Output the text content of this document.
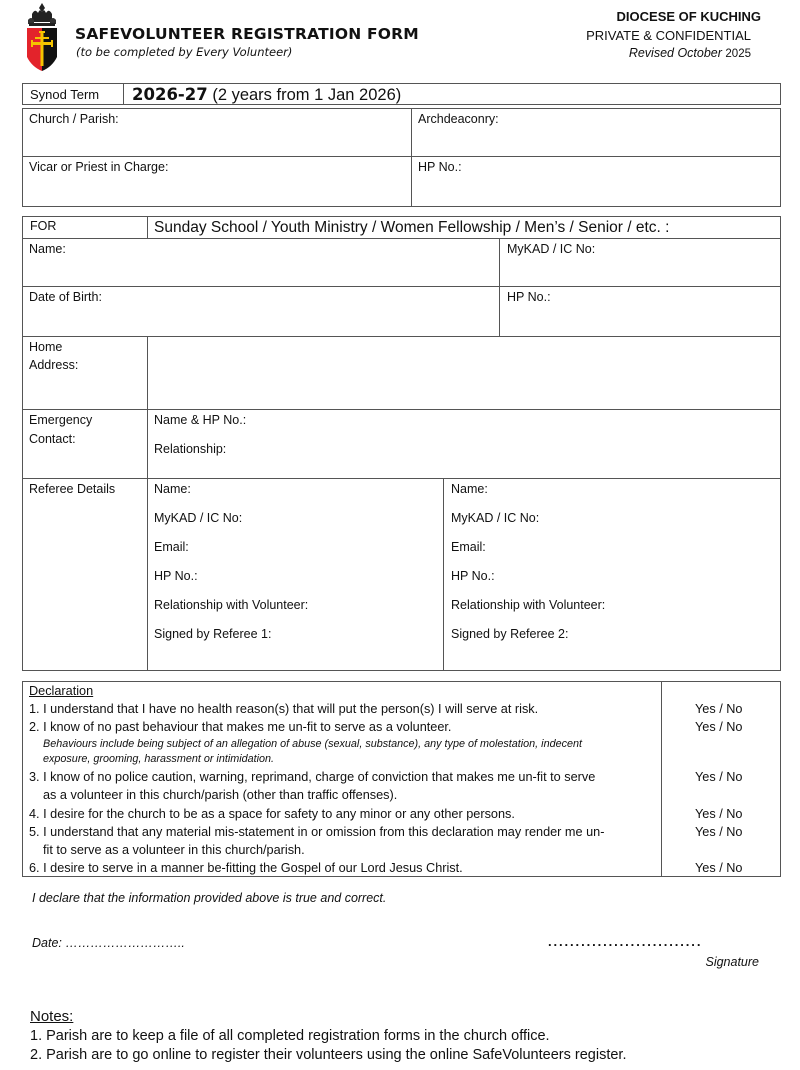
SAFEVOLUNTEER REGISTRATION FORM
(to be completed by Every Volunteer)
DIOCESE OF KUCHING
PRIVATE & CONFIDENTIAL
Revised October 2025
Synod Term 2026-27 (2 years from 1 Jan 2026)
Church / Parish:	Archdeaconry:
Vicar or Priest in Charge:	HP No.:
FOR	Sunday School / Youth Ministry / Women Fellowship / Men’s / Senior / etc. :
Name:	MyKAD / IC No:
Date of Birth:	HP No.:
Home
Address:
Emergency
Contact:
Name & HP No.:
Relationship:
Referee Details	Name:
MyKAD / IC No:
Email:
HP No.:
Relationship with Volunteer:
Signed by Referee 1:
Name:
MyKAD / IC No:
Email:
HP No.:
Relationship with Volunteer:
Signed by Referee 2:
Declaration
1. I understand that I have no health reason(s) that will put the person(s) I will serve at risk.	Yes / No
2. I know of no past behaviour that makes me un-fit to serve as a volunteer.	Yes / No
Behaviours include being subject of an allegation of abuse (sexual, substance), any type of molestation, indecent
exposure, grooming, harassment or intimidation.
3. I know of no police caution, warning, reprimand, charge of conviction that makes me un-fit to serve
as a volunteer in this church/parish (other than traffic offenses).
Yes / No
4. I desire for the church to be as a space for safety to any minor or any other persons.	Yes / No
5. I understand that any material mis-statement in or omission from this declaration may render me un-
fit to serve as a volunteer in this church/parish.
Yes / No
6. I desire to serve in a manner be-fitting the Gospel of our Lord Jesus Christ.	Yes / No
I declare that the information provided above is true and correct.
Date: ………………………..	............................
Signature
Notes:
1. Parish are to keep a file of all completed registration forms in the church office.
2. Parish are to go online to register their volunteers using the online SafeVolunteers register.
